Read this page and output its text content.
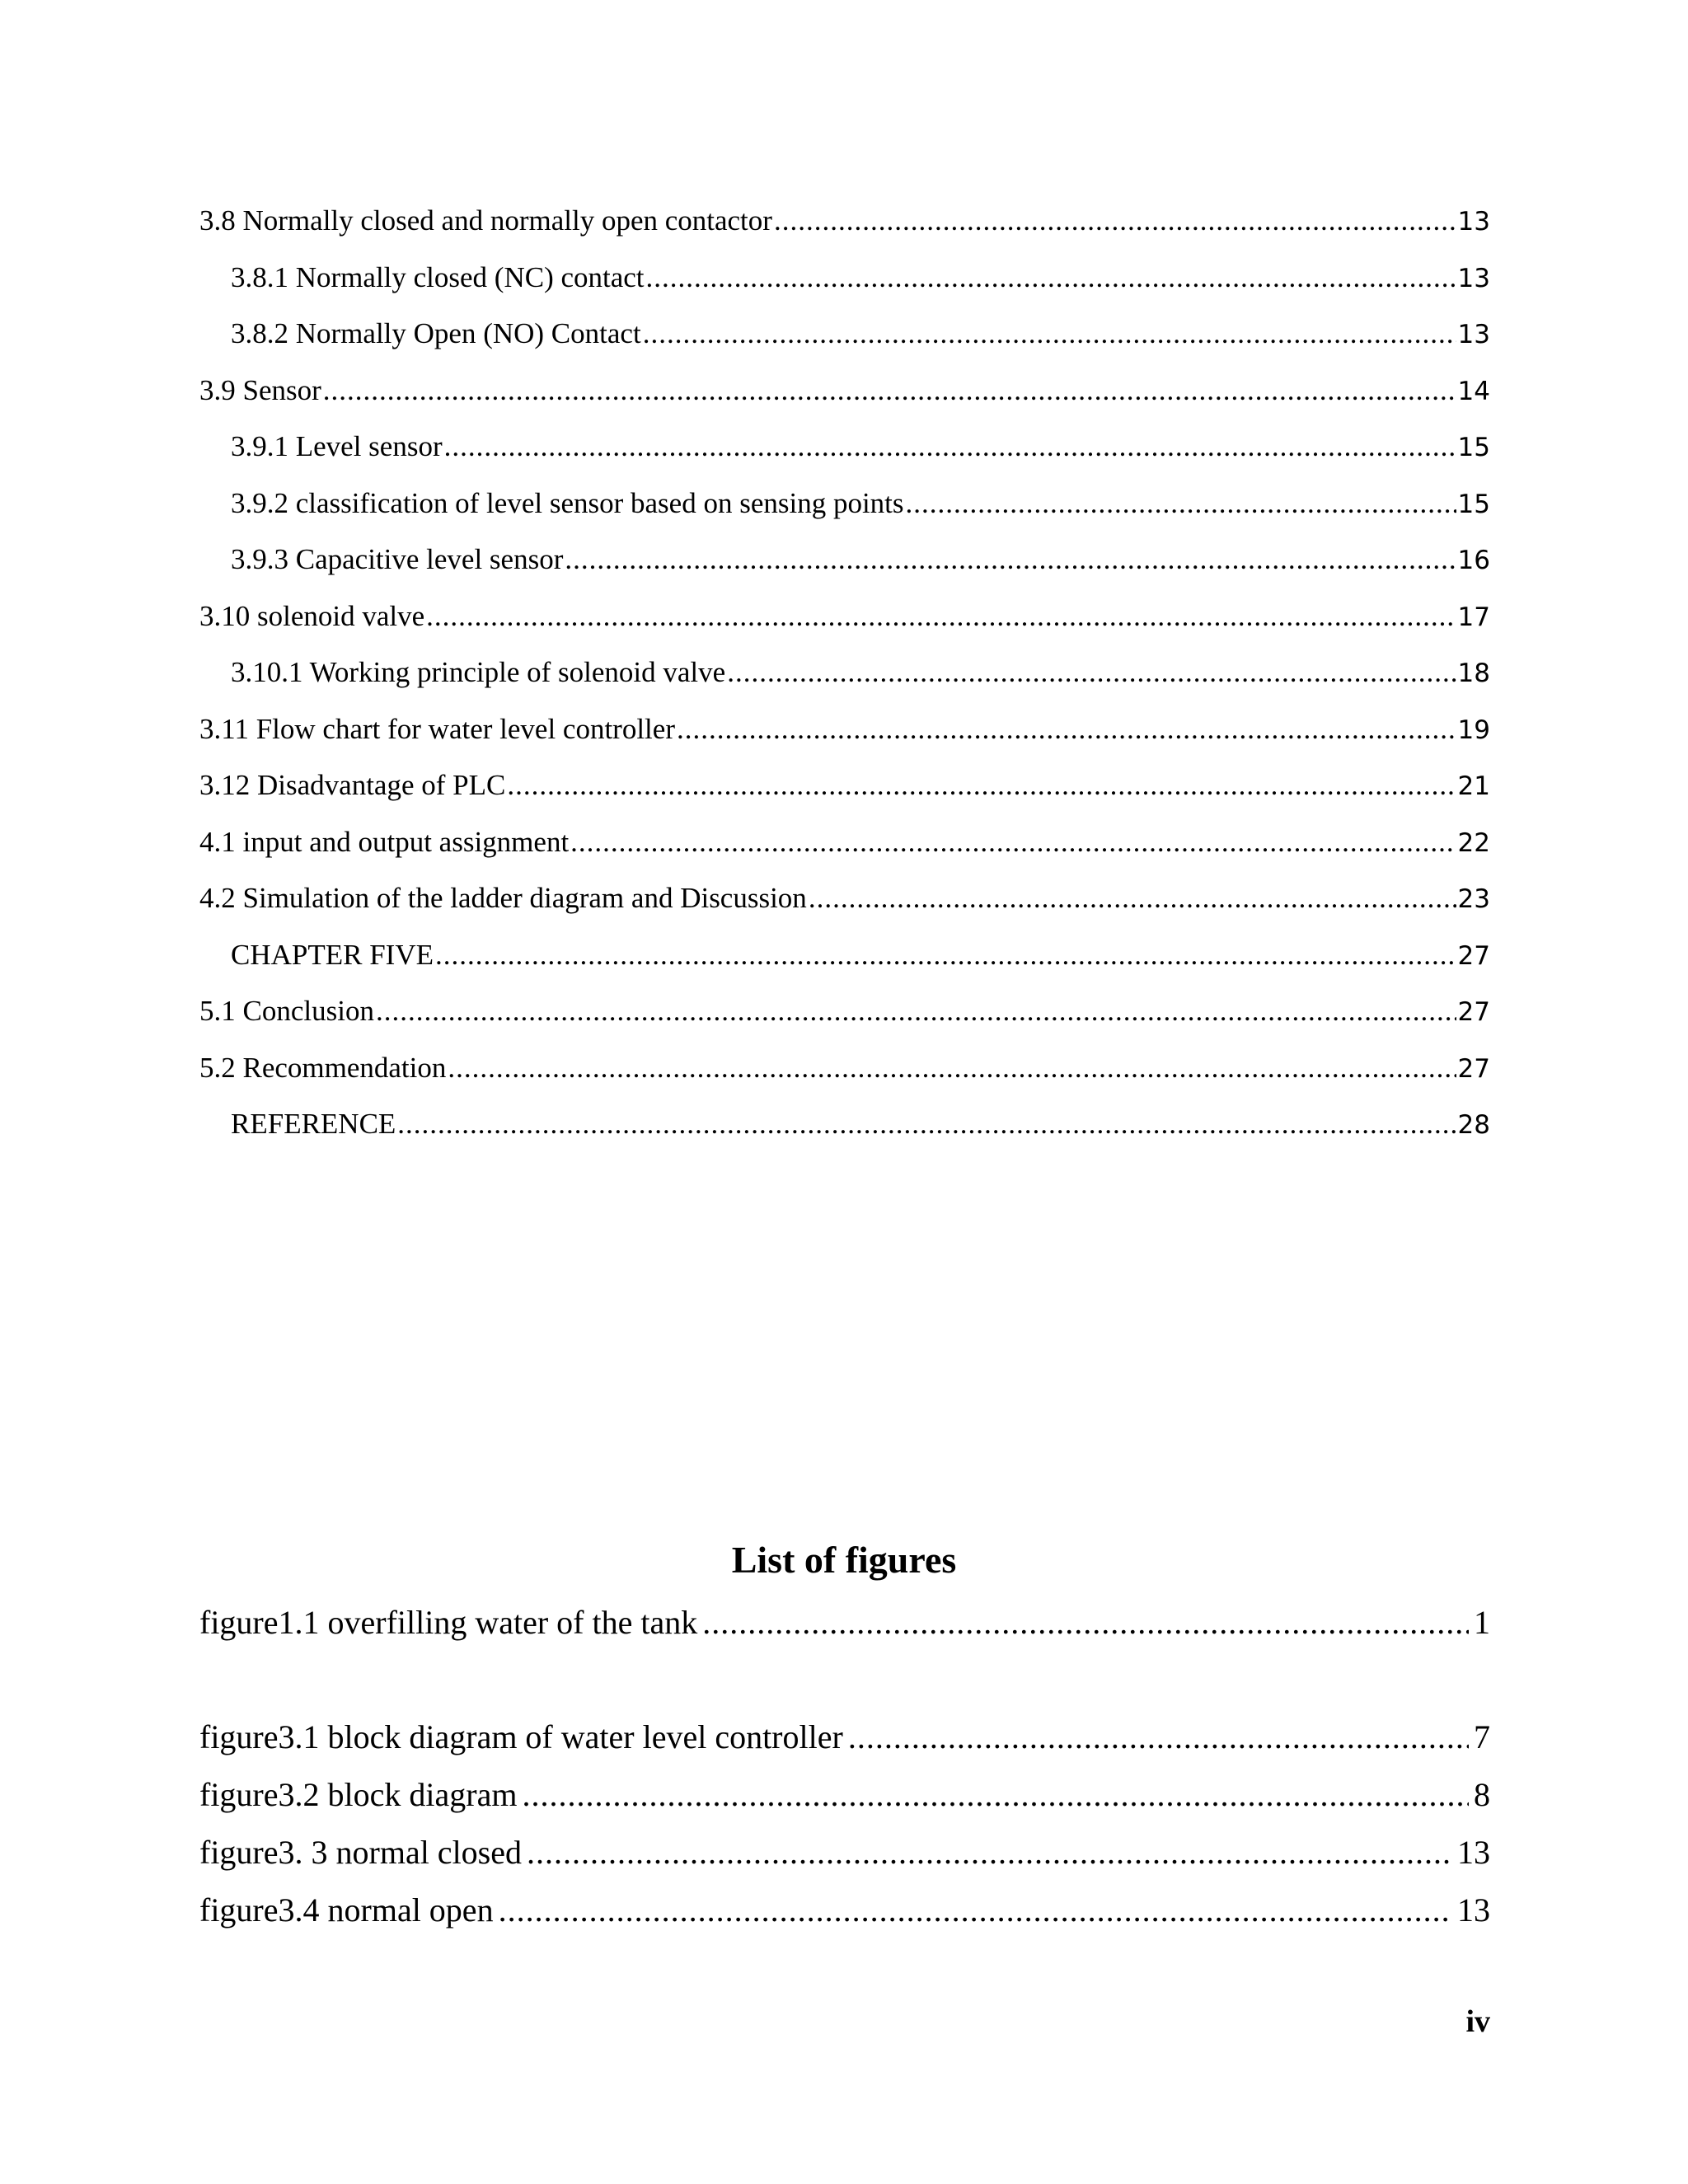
3.8 Normally closed and normally open contactor .....	13
3.8.1 Normally closed (NC) contact .....	13
3.8.2 Normally Open (NO) Contact .....	13
3.9 Sensor .....	14
3.9.1 Level sensor .....	15
3.9.2 classification of level sensor based on sensing points .....	15
3.9.3 Capacitive level sensor .....	16
3.10 solenoid valve .....	17
3.10.1 Working principle of solenoid valve .....	18
3.11 Flow chart for water level controller .....	19
3.12 Disadvantage of PLC .....	21
4.1 input and output assignment .....	22
4.2 Simulation of the ladder diagram and Discussion .....	23
CHAPTER FIVE .....	27
5.1 Conclusion .....	27
5.2 Recommendation .....	27
REFERENCE .....	28
List of figures
figure1.1 overfilling water of the tank .....	1
figure3.1 block diagram of water level controller .....	7
figure3.2 block diagram .....	8
figure3. 3 normal closed .....	13
figure3.4 normal open .....	13
iv
